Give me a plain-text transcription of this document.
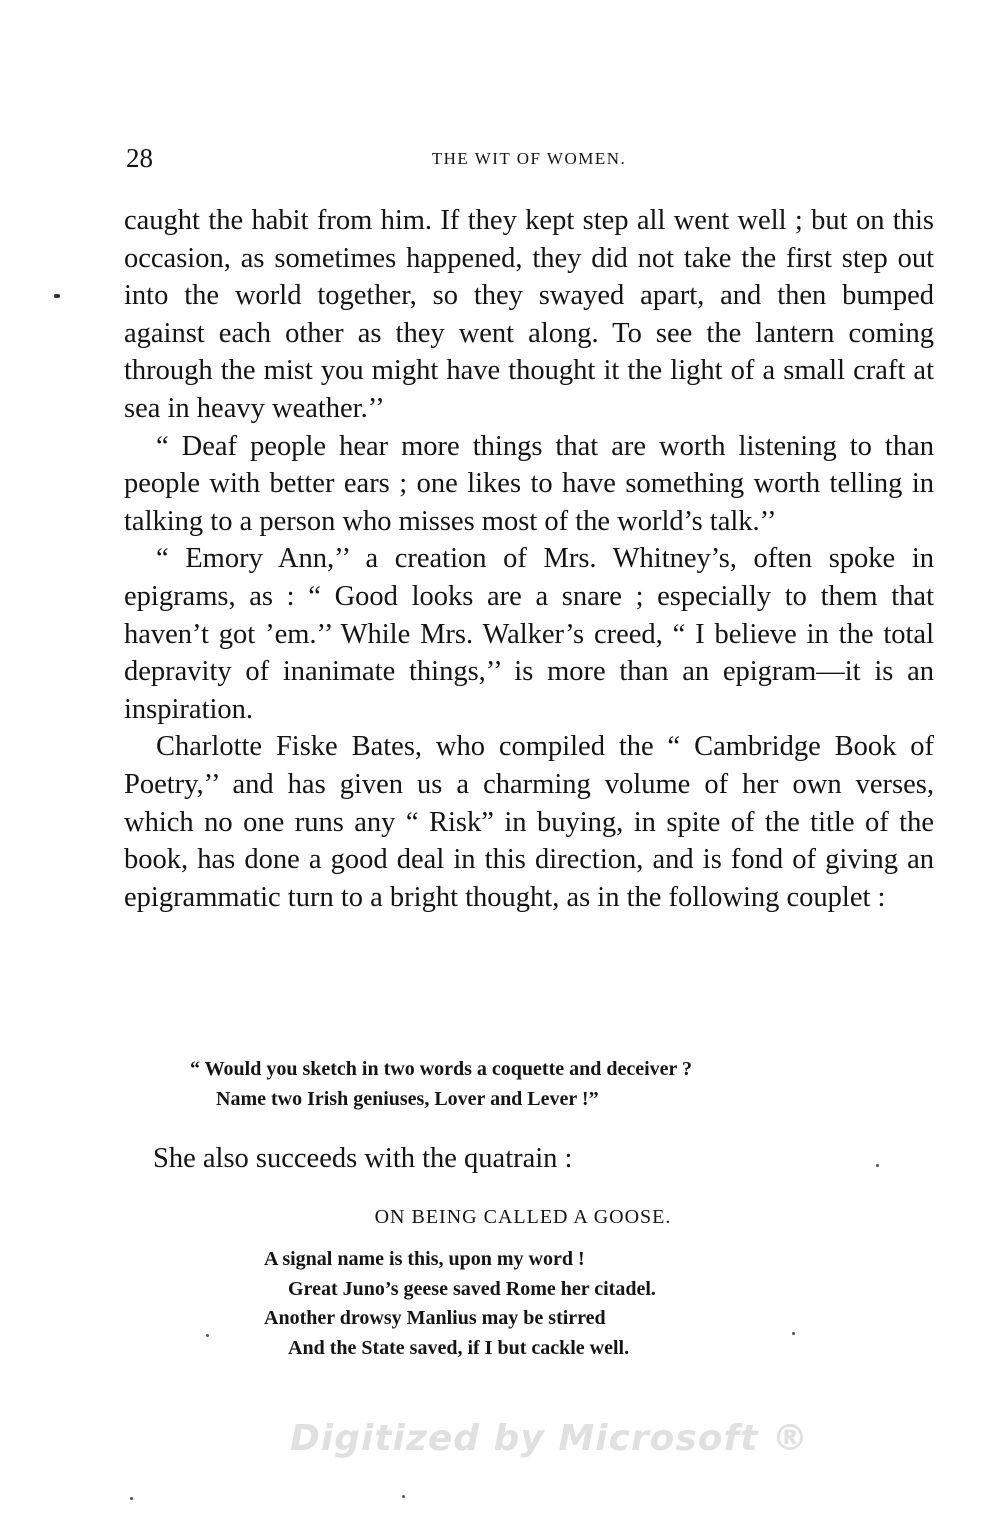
28	THE WIT OF WOMEN.

caught the habit from him. If they kept step all went well ; but on this occasion, as sometimes happened, they did not take the first step out into the world together, so they swayed apart, and then bumped against each other as they went along. To see the lantern coming through the mist you might have thought it the light of a small craft at sea in heavy weather.’’

“ Deaf people hear more things that are worth listening to than people with better ears ; one likes to have something worth telling in talking to a person who misses most of the world’s talk.’’

“ Emory Ann,’’ a creation of Mrs. Whitney’s, often spoke in epigrams, as : “ Good looks are a snare ; especially to them that haven’t got ’em.’’ While Mrs. Walker’s creed, “ I believe in the total depravity of inanimate things,’’ is more than an epigram—it is an inspiration.

Charlotte Fiske Bates, who compiled the “ Cambridge Book of Poetry,’’ and has given us a charming volume of her own verses, which no one runs any “ Risk” in buying, in spite of the title of the book, has done a good deal in this direction, and is fond of giving an epigrammatic turn to a bright thought, as in the following couplet :

“ Would you sketch in two words a coquette and deceiver ?
Name two Irish geniuses, Lover and Lever !”
She also succeeds with the quatrain :
ON BEING CALLED A GOOSE.
A signal name is this, upon my word !
Great Juno’s geese saved Rome her citadel.
Another drowsy Manlius may be stirred
And the State saved, if I but cackle well.
Digitized by Microsoft ®
